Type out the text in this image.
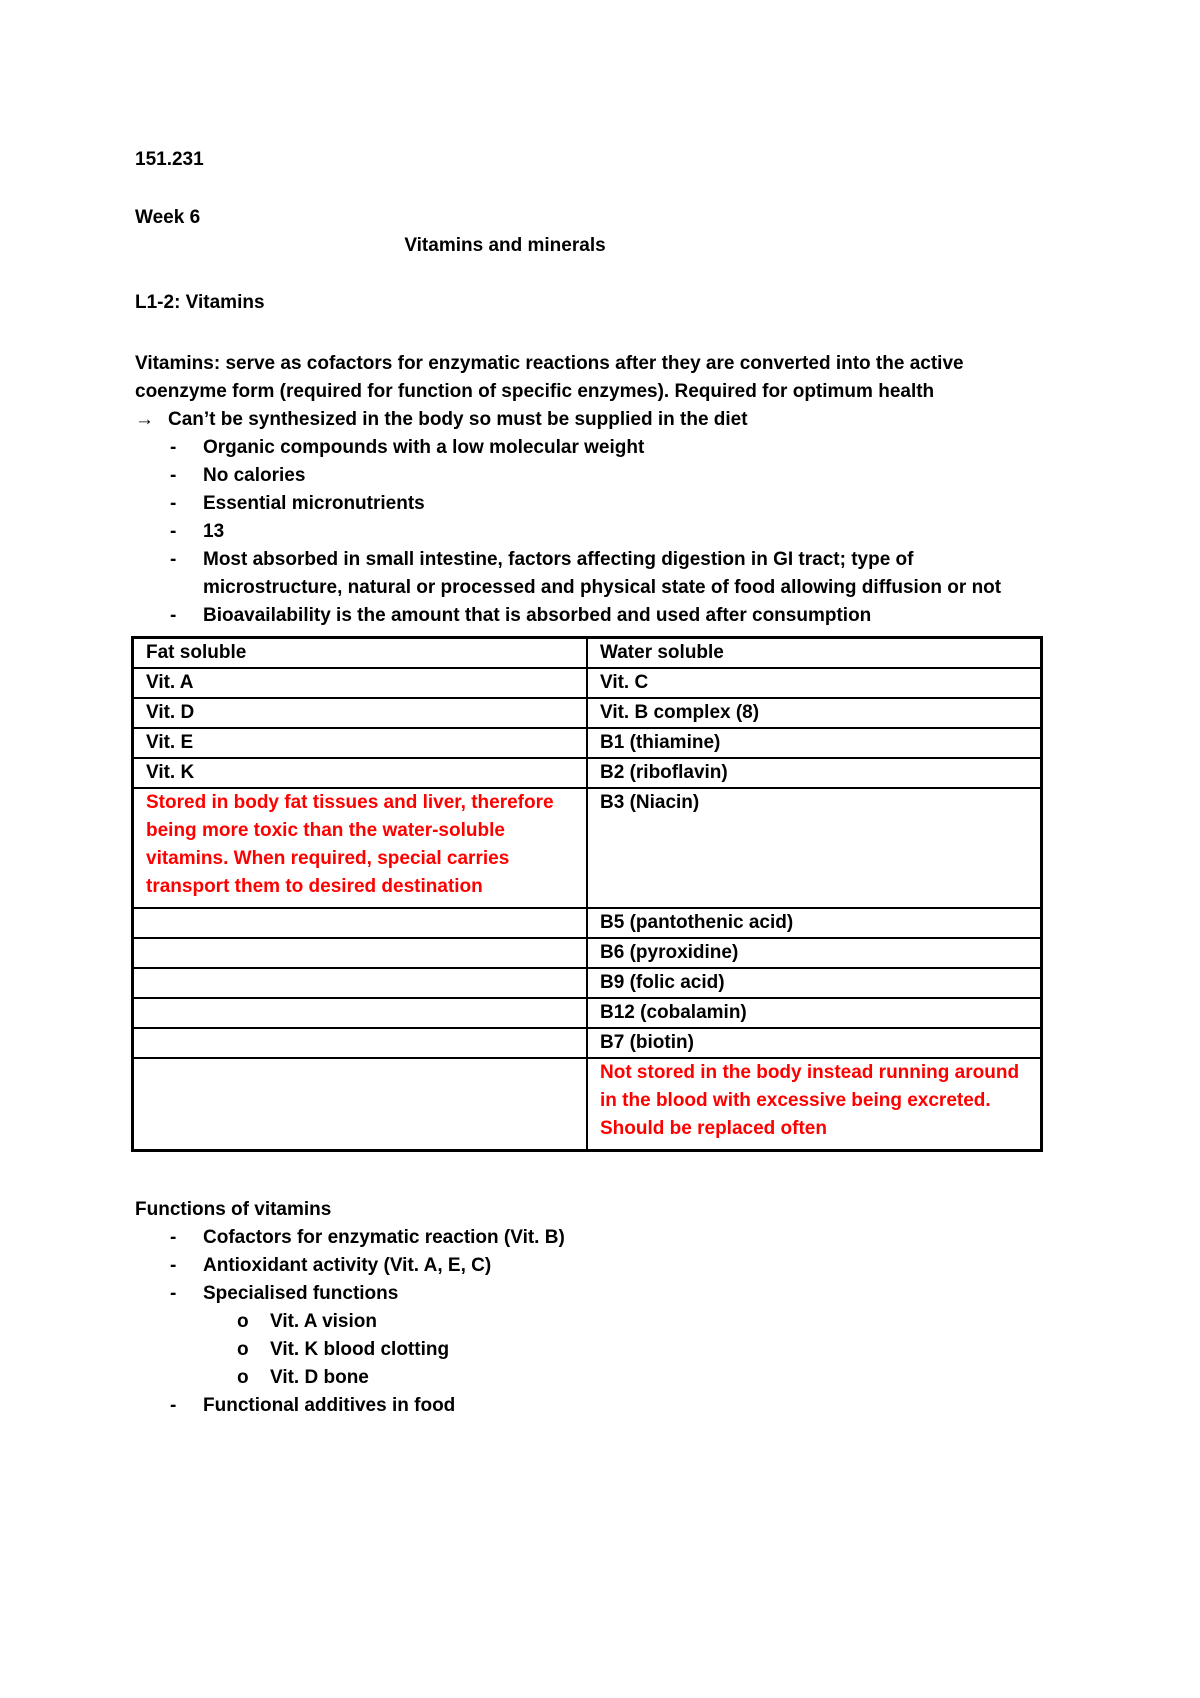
151.231

Week 6

Vitamins and minerals

L1-2: Vitamins

Vitamins: serve as cofactors for enzymatic reactions after they are converted into the active coenzyme form (required for function of specific enzymes). Required for optimum health

→ Can’t be synthesized in the body so must be supplied in the diet
-	Organic compounds with a low molecular weight
-	No calories
-	Essential micronutrients
-	13
-	Most absorbed in small intestine, factors affecting digestion in GI tract; type of microstructure, natural or processed and physical state of food allowing diffusion or not
-	Bioavailability is the amount that is absorbed and used after consumption
Fat soluble	Water soluble
Vit. A	Vit. C
Vit. D	Vit. B complex (8)
Vit. E	B1 (thiamine)
Vit. K	B2 (riboflavin)
Stored in body fat tissues and liver, therefore being more toxic than the water-soluble vitamins. When required, special carries transport them to desired destination	B3 (Niacin)
	B5 (pantothenic acid)
	B6 (pyroxidine)
	B9 (folic acid)
	B12 (cobalamin)
	B7 (biotin)
	Not stored in the body instead running around in the blood with excessive being excreted. Should be replaced often

Functions of vitamins

-	Cofactors for enzymatic reaction (Vit. B)
-	Antioxidant activity (Vit. A, E, C)
-	Specialised functions
o	Vit. A vision
o	Vit. K blood clotting
o	Vit. D bone
-	Functional additives in food
